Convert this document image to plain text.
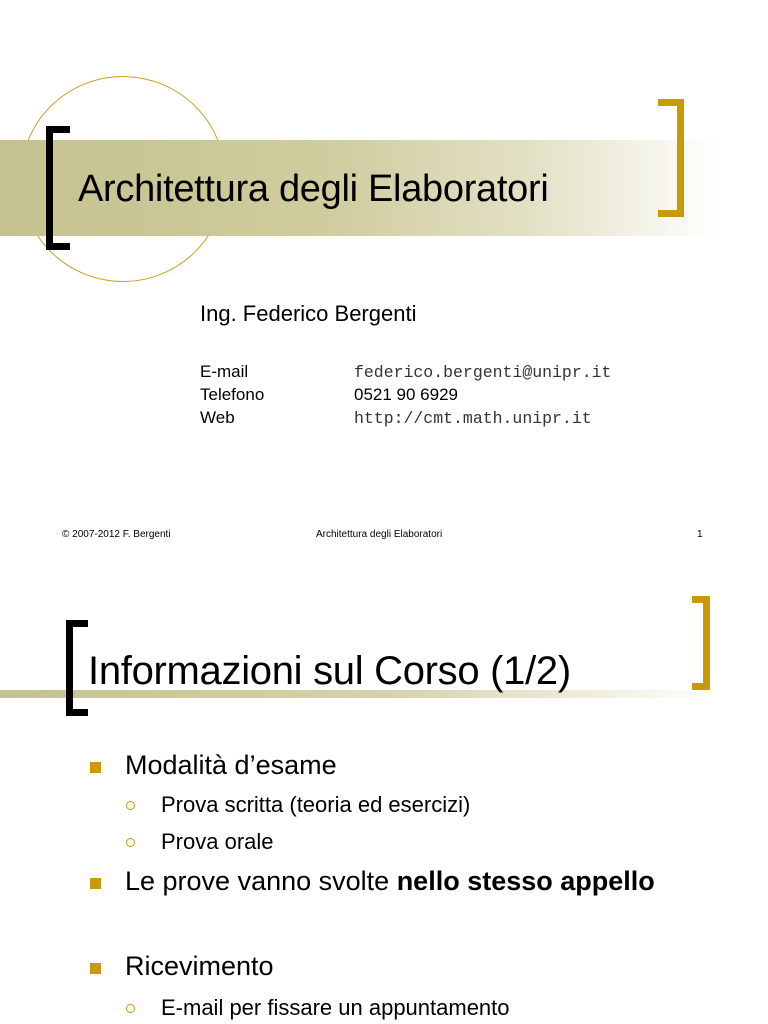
Architettura degli Elaboratori
Ing. Federico Bergenti
E-mail	federico.bergenti@unipr.it
Telefono	0521 90 6929
Web	http://cmt.math.unipr.it
© 2007-2012 F. Bergenti	Architettura degli Elaboratori	1
Informazioni sul Corso (1/2)
Modalità d’esame
Prova scritta (teoria ed esercizi)
Prova orale
Le prove vanno svolte nello stesso appello
Ricevimento
E-mail per fissare un appuntamento
